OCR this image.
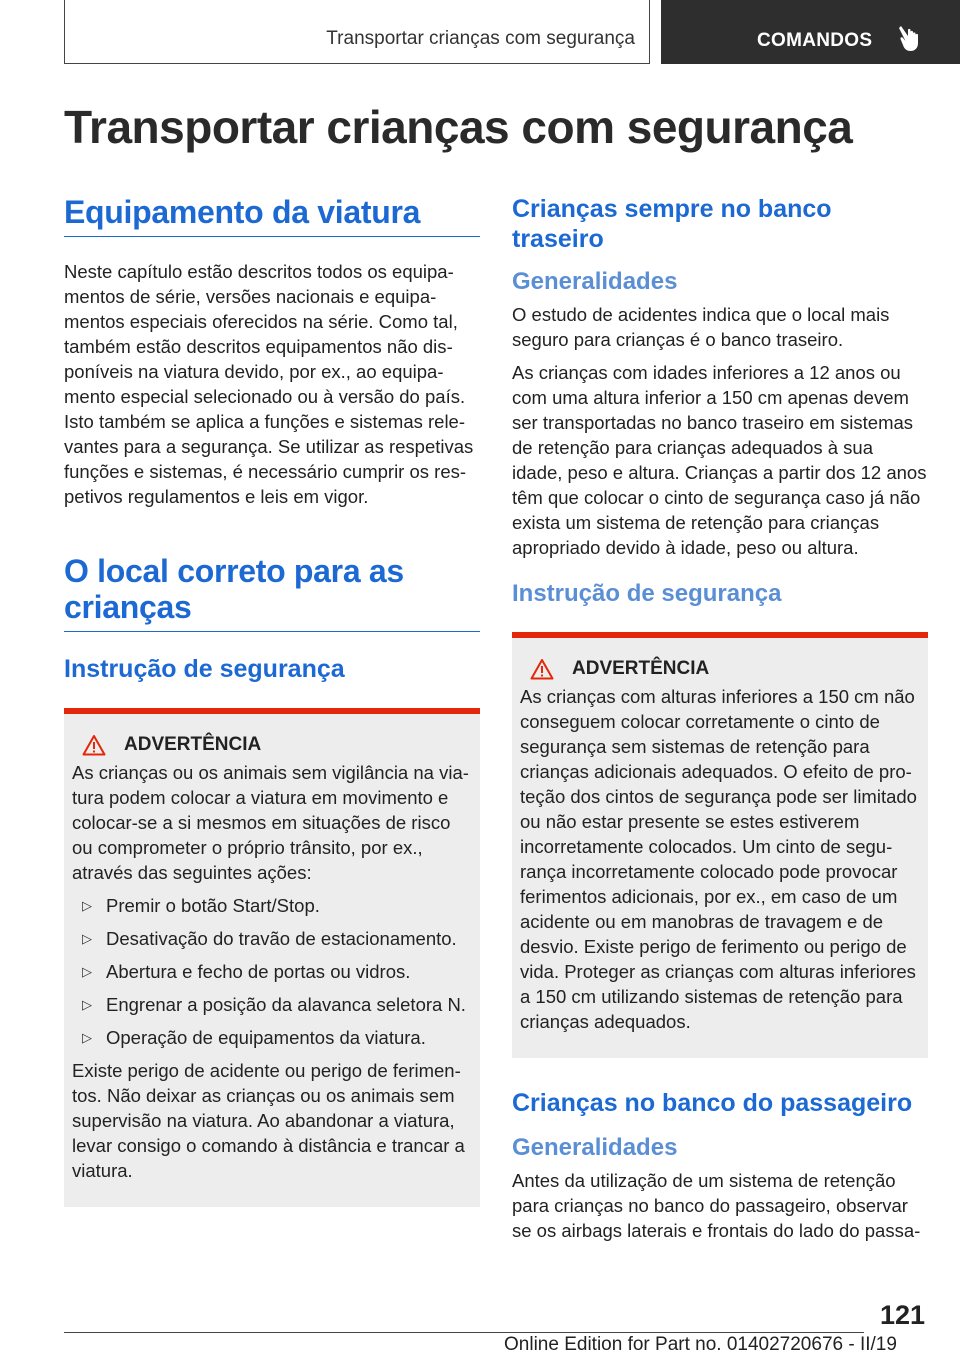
Transportar crianças com segurança	COMANDOS
Transportar crianças com segurança
Equipamento da viatura

Neste capítulo estão descritos todos os equipamentos de série, versões nacionais e equipamentos especiais oferecidos na série. Como tal, também estão descritos equipamentos não disponíveis na viatura devido, por ex., ao equipamento especial selecionado ou à versão do país. Isto também se aplica a funções e sistemas relevantes para a segurança. Se utilizar as respetivas funções e sistemas, é necessário cumprir os respetivos regulamentos e leis em vigor.

O local correto para as crianças
Instrução de segurança
ADVERTÊNCIA

As crianças ou os animais sem vigilância na viatura podem colocar a viatura em movimento e colocar-se a si mesmos em situações de risco ou comprometer o próprio trânsito, por ex., através das seguintes ações:

▷ Premir o botão Start/Stop.
▷ Desativação do travão de estacionamento.
▷ Abertura e fecho de portas ou vidros.
▷ Engrenar a posição da alavanca seletora N.
▷ Operação de equipamentos da viatura.

Existe perigo de acidente ou perigo de ferimentos. Não deixar as crianças ou os animais sem supervisão na viatura. Ao abandonar a viatura, levar consigo o comando à distância e trancar a viatura.

Crianças sempre no banco traseiro
Generalidades

O estudo de acidentes indica que o local mais seguro para crianças é o banco traseiro.

As crianças com idades inferiores a 12 anos ou com uma altura inferior a 150 cm apenas devem ser transportadas no banco traseiro em sistemas de retenção para crianças adequados à sua idade, peso e altura. Crianças a partir dos 12 anos têm que colocar o cinto de segurança caso já não exista um sistema de retenção para crianças apropriado devido à idade, peso ou altura.

Instrução de segurança
ADVERTÊNCIA

As crianças com alturas inferiores a 150 cm não conseguem colocar corretamente o cinto de segurança sem sistemas de retenção para crianças adicionais adequados. O efeito de proteção dos cintos de segurança pode ser limitado ou não estar presente se estes estiverem incorretamente colocados. Um cinto de segurança incorretamente colocado pode provocar ferimentos adicionais, por ex., em caso de um acidente ou em manobras de travagem e de desvio. Existe perigo de ferimento ou perigo de vida. Proteger as crianças com alturas inferiores a 150 cm utilizando sistemas de retenção para crianças adequados.

Crianças no banco do passageiro
Generalidades

Antes da utilização de um sistema de retenção para crianças no banco do passageiro, observar se os airbags laterais e frontais do lado do passa-

121
Online Edition for Part no. 01402720676 - II/19
